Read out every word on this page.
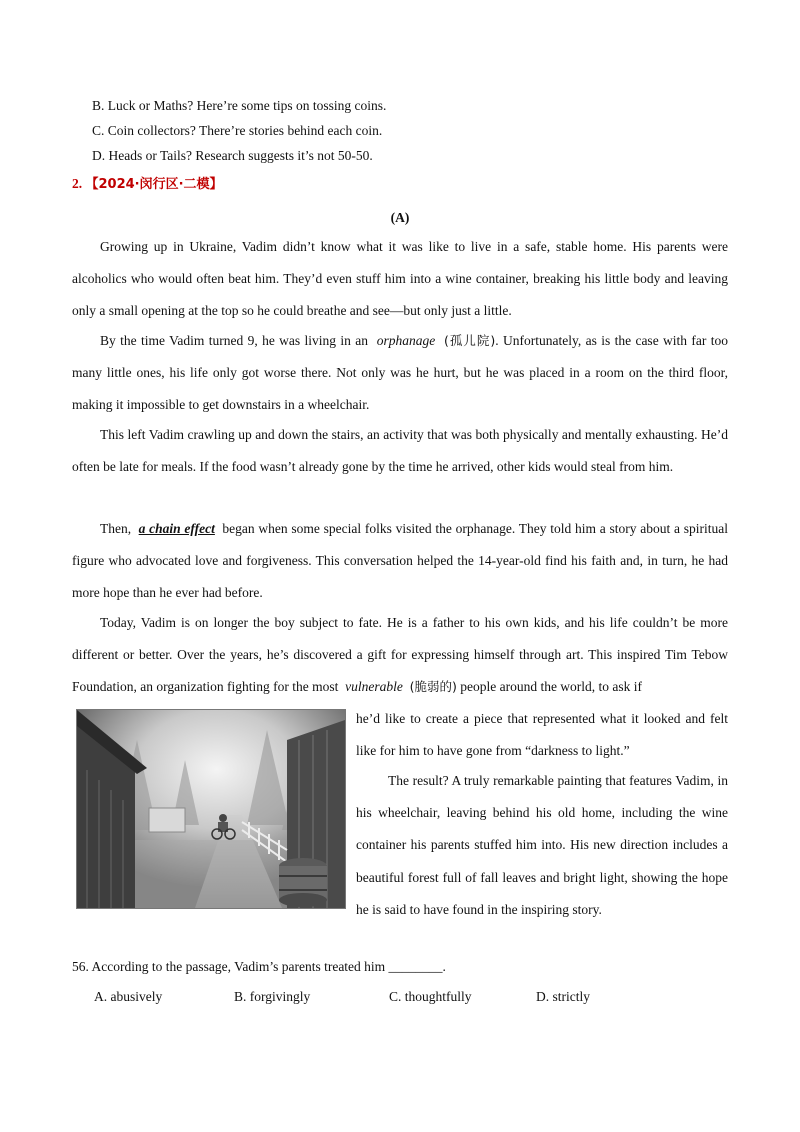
B. Luck or Maths? Here’re some tips on tossing coins.
C. Coin collectors? There’re stories behind each coin.
D. Heads or Tails? Research suggests it’s not 50-50.
2. 【2024·闵行区·二模】
(A)
Growing up in Ukraine, Vadim didn’t know what it was like to live in a safe, stable home. His parents were alcoholics who would often beat him. They’d even stuff him into a wine container, breaking his little body and leaving only a small opening at the top so he could breathe and see—but only just a little.
By the time Vadim turned 9, he was living in an orphanage (孤儿院). Unfortunately, as is the case with far too many little ones, his life only got worse there. Not only was he hurt, but he was placed in a room on the third floor, making it impossible to get downstairs in a wheelchair.
This left Vadim crawling up and down the stairs, an activity that was both physically and mentally exhausting. He’d often be late for meals. If the food wasn’t already gone by the time he arrived, other kids would steal from him.
Then, a chain effect began when some special folks visited the orphanage. They told him a story about a spiritual figure who advocated love and forgiveness. This conversation helped the 14-year-old find his faith and, in turn, he had more hope than he ever had before.
Today, Vadim is on longer the boy subject to fate. He is a father to his own kids, and his life couldn’t be more different or better. Over the years, he’s discovered a gift for expressing himself through art. This inspired Tim Tebow Foundation, an organization fighting for the most vulnerable (脆弱的) people around the world, to ask if
he’d like to create a piece that represented what it looked and felt like for him to have gone from “darkness to light.”
The result? A truly remarkable painting that features Vadim, in his wheelchair, leaving behind his old home, including the wine container his parents stuffed him into. His new direction includes a beautiful forest full of fall leaves and bright light, showing the hope he is said to have found in the inspiring story.
56. According to the passage, Vadim’s parents treated him ________.
A. abusively	B. forgivingly	C. thoughtfully	D. strictly
